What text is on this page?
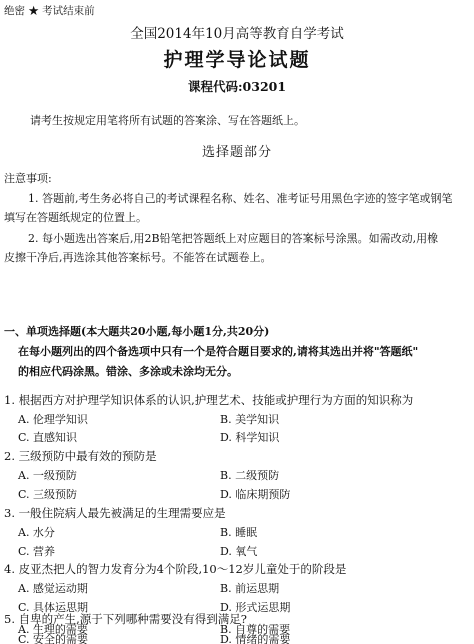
绝密 ★ 考试结束前
全国2014年10月高等教育自学考试
护理学导论试题
课程代码:03201
请考生按规定用笔将所有试题的答案涂、写在答题纸上。
选择题部分
注意事项:
1. 答题前,考生务必将自己的考试课程名称、姓名、准考证号用黑色字迹的签字笔或钢笔
填写在答题纸规定的位置上。
2. 每小题选出答案后,用2B铅笔把答题纸上对应题目的答案标号涂黑。如需改动,用橡
皮擦干净后,再选涂其他答案标号。不能答在试题卷上。
一、单项选择题(本大题共20小题,每小题1分,共20分)
在每小题列出的四个备选项中只有一个是符合题目要求的,请将其选出并将"答题纸"
的相应代码涂黑。错涂、多涂或未涂均无分。
1. 根据西方对护理学知识体系的认识,护理艺术、技能或护理行为方面的知识称为
A. 伦理学知识	B. 美学知识
C. 直感知识	D. 科学知识
2. 三级预防中最有效的预防是
A. 一级预防	B. 二级预防
C. 三级预防	D. 临床期预防
3. 一般住院病人最先被满足的生理需要应是
A. 水分	B. 睡眠
C. 营养	D. 氧气
4. 皮亚杰把人的智力发育分为4个阶段,10～12岁儿童处于的阶段是
A. 感觉运动期	B. 前运思期
C. 具体运思期	D. 形式运思期
5. 自卑的产生,源于下列哪种需要没有得到满足?
A. 生理的需要	B. 自尊的需要
C. 安全的需要	D. 情绪的需要
